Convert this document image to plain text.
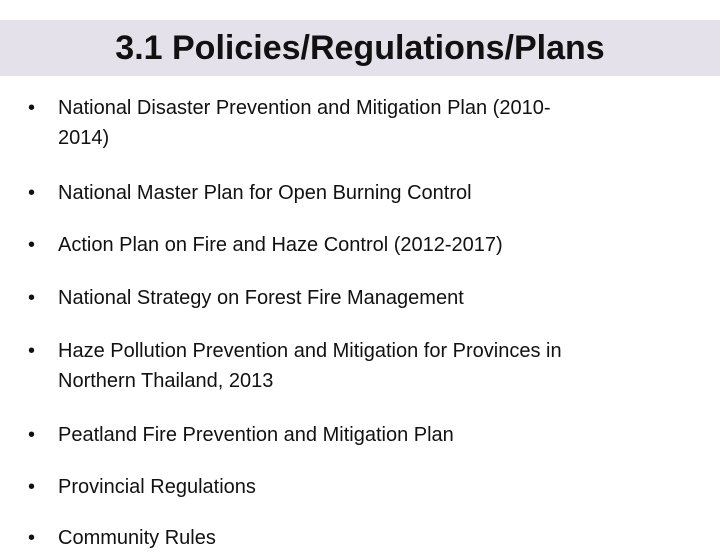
3.1 Policies/Regulations/Plans
•	National Disaster Prevention and Mitigation Plan (2010-
2014)
•	National Master Plan for Open Burning Control
•	Action Plan on Fire and Haze Control (2012-2017)
•	National Strategy on Forest Fire Management
•	Haze Pollution Prevention and Mitigation for Provinces in
Northern Thailand, 2013
•	Peatland Fire Prevention and Mitigation Plan
•	Provincial Regulations
•	Community Rules
